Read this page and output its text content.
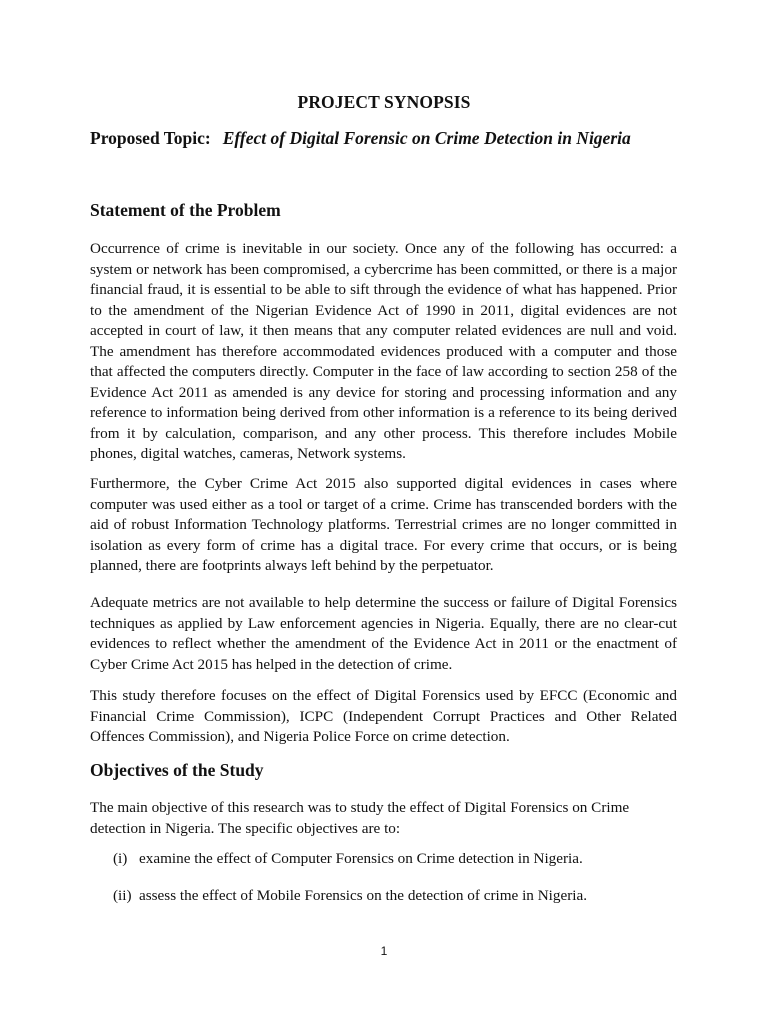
PROJECT SYNOPSIS

Proposed Topic: Effect of Digital Forensic on Crime Detection in Nigeria

Statement of the Problem

Occurrence of crime is inevitable in our society. Once any of the following has occurred: a system or network has been compromised, a cybercrime has been committed, or there is a major financial fraud, it is essential to be able to sift through the evidence of what has happened. Prior to the amendment of the Nigerian Evidence Act of 1990 in 2011, digital evidences are not accepted in court of law, it then means that any computer related evidences are null and void. The amendment has therefore accommodated evidences produced with a computer and those that affected the computers directly. Computer in the face of law according to section 258 of the Evidence Act 2011 as amended is any device for storing and processing information and any reference to information being derived from other information is a reference to its being derived from it by calculation, comparison, and any other process. This therefore includes Mobile phones, digital watches, cameras, Network systems.

Furthermore, the Cyber Crime Act 2015 also supported digital evidences in cases where computer was used either as a tool or target of a crime. Crime has transcended borders with the aid of robust Information Technology platforms. Terrestrial crimes are no longer committed in isolation as every form of crime has a digital trace. For every crime that occurs, or is being planned, there are footprints always left behind by the perpetuator.

Adequate metrics are not available to help determine the success or failure of Digital Forensics techniques as applied by Law enforcement agencies in Nigeria. Equally, there are no clear-cut evidences to reflect whether the amendment of the Evidence Act in 2011 or the enactment of Cyber Crime Act 2015 has helped in the detection of crime.

This study therefore focuses on the effect of Digital Forensics used by EFCC (Economic and Financial Crime Commission), ICPC (Independent Corrupt Practices and Other Related Offences Commission), and Nigeria Police Force on crime detection.

Objectives of the Study

The main objective of this research was to study the effect of Digital Forensics on Crime
detection in Nigeria. The specific objectives are to:

(i) examine the effect of Computer Forensics on Crime detection in Nigeria.

(ii) assess the effect of Mobile Forensics on the detection of crime in Nigeria.

1
